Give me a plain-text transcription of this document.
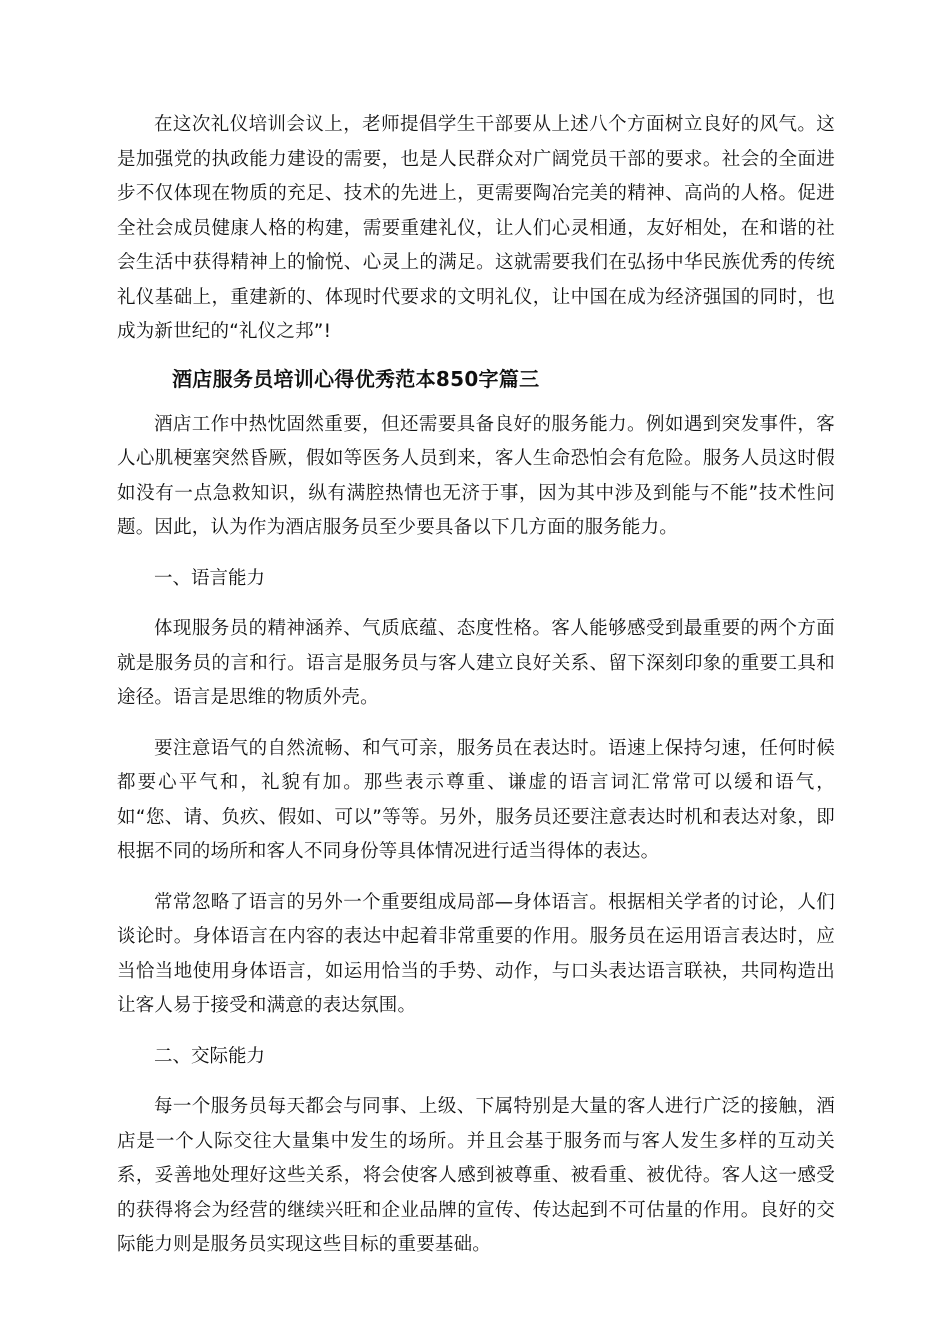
在这次礼仪培训会议上，老师提倡学生干部要从上述八个方面树立良好的风气。这是加强党的执政能力建设的需要，也是人民群众对广阔党员干部的要求。社会的全面进步不仅体现在物质的充足、技术的先进上，更需要陶冶完美的精神、高尚的人格。促进全社会成员健康人格的构建，需要重建礼仪，让人们心灵相通，友好相处，在和谐的社会生活中获得精神上的愉悦、心灵上的满足。这就需要我们在弘扬中华民族优秀的传统礼仪基础上，重建新的、体现时代要求的文明礼仪，让中国在成为经济强国的同时，也成为新世纪的“礼仪之邦”!

酒店服务员培训心得优秀范本850字篇三

酒店工作中热忱固然重要，但还需要具备良好的服务能力。例如遇到突发事件，客人心肌梗塞突然昏厥，假如等医务人员到来，客人生命恐怕会有危险。服务人员这时假如没有一点急救知识，纵有满腔热情也无济于事，因为其中涉及到能与不能”技术性问题。因此，认为作为酒店服务员至少要具备以下几方面的服务能力。

一、语言能力

体现服务员的精神涵养、气质底蕴、态度性格。客人能够感受到最重要的两个方面就是服务员的言和行。语言是服务员与客人建立良好关系、留下深刻印象的重要工具和途径。语言是思维的物质外壳。

要注意语气的自然流畅、和气可亲，服务员在表达时。语速上保持匀速，任何时候都要心平气和，礼貌有加。那些表示尊重、谦虚的语言词汇常常可以缓和语气，如“您、请、负疚、假如、可以”等等。另外，服务员还要注意表达时机和表达对象，即根据不同的场所和客人不同身份等具体情况进行适当得体的表达。

常常忽略了语言的另外一个重要组成局部—身体语言。根据相关学者的讨论，人们谈论时。身体语言在内容的表达中起着非常重要的作用。服务员在运用语言表达时，应当恰当地使用身体语言，如运用恰当的手势、动作，与口头表达语言联袂，共同构造出让客人易于接受和满意的表达氛围。

二、交际能力

每一个服务员每天都会与同事、上级、下属特别是大量的客人进行广泛的接触，酒店是一个人际交往大量集中发生的场所。并且会基于服务而与客人发生多样的互动关系，妥善地处理好这些关系，将会使客人感到被尊重、被看重、被优待。客人这一感受的获得将会为经营的继续兴旺和企业品牌的宣传、传达起到不可估量的作用。良好的交际能力则是服务员实现这些目标的重要基础。
